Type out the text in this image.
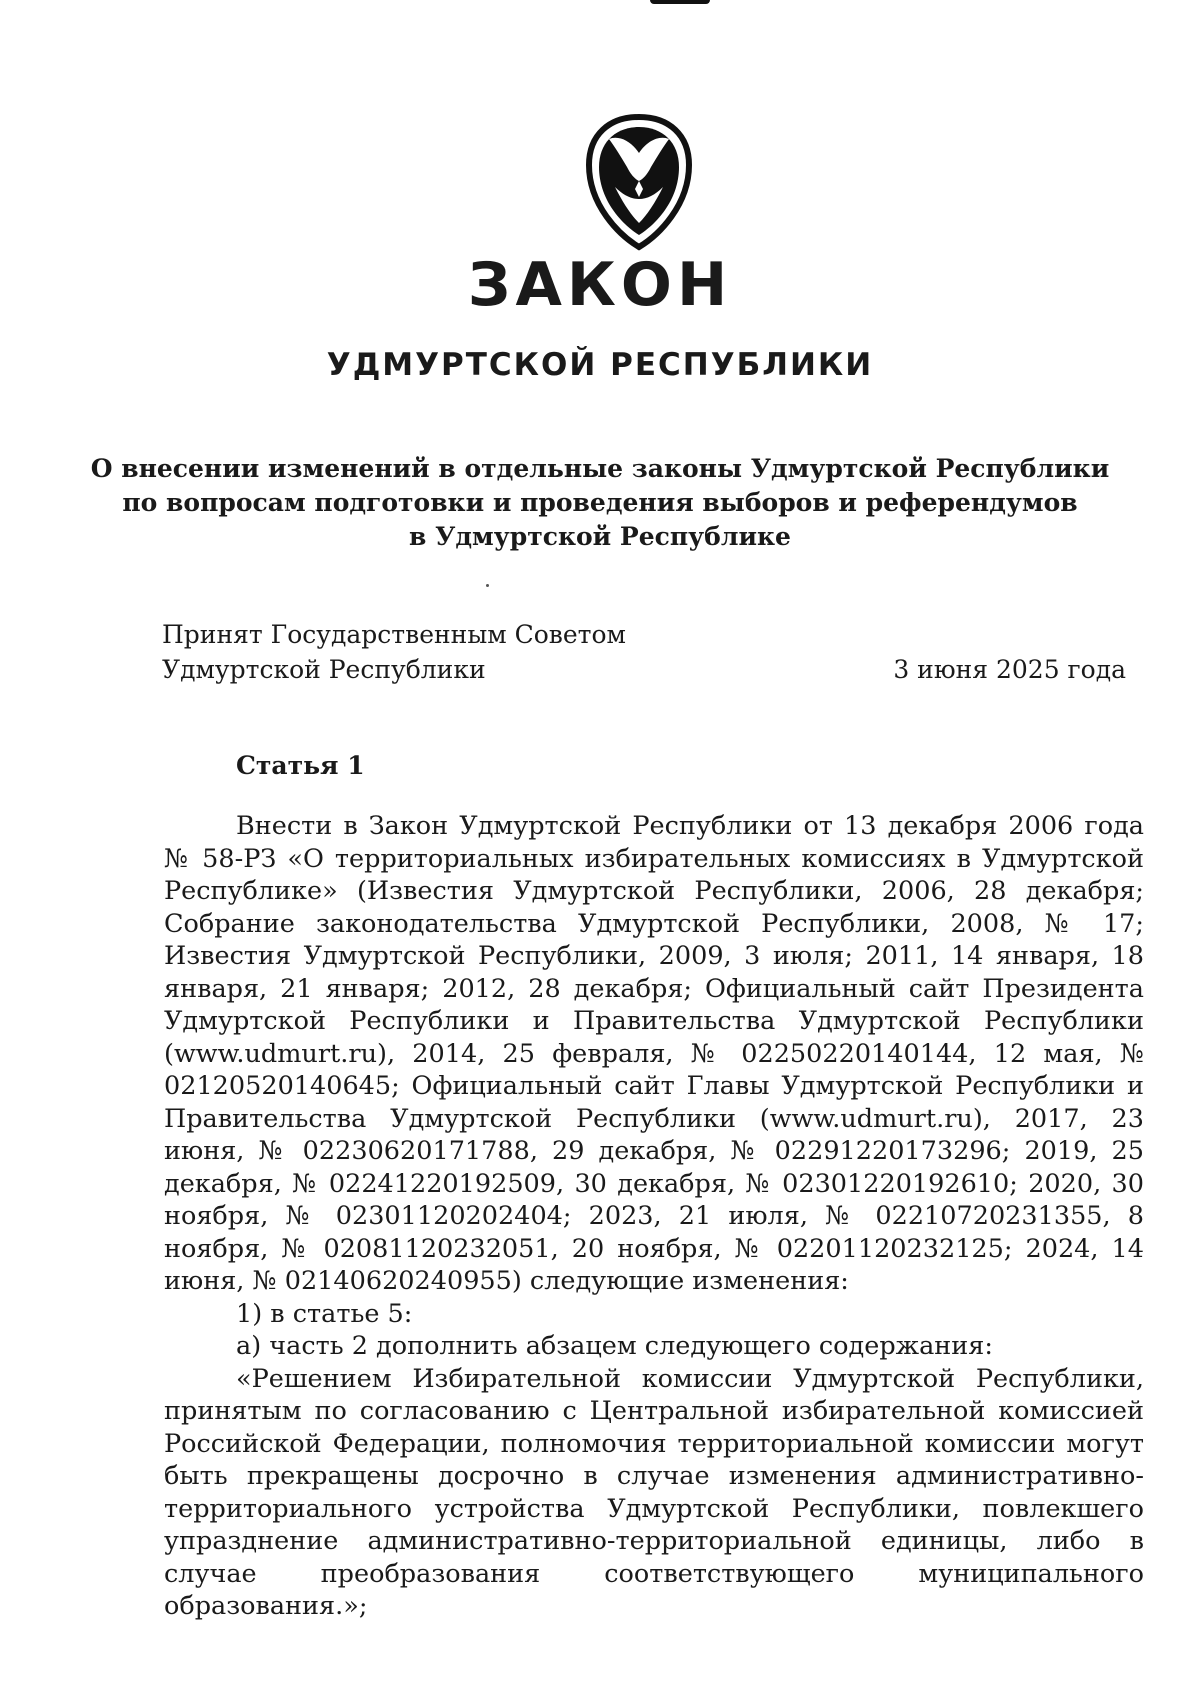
ЗАКОН
УДМУРТСКОЙ РЕСПУБЛИКИ
О внесении изменений в отдельные законы Удмуртской Республики
по вопросам подготовки и проведения выборов и референдумов
в Удмуртской Республике
Принят Государственным Советом
Удмуртской Республики	3 июня 2025 года
Статья 1
Внести в Закон Удмуртской Республики от 13 декабря 2006 года № 58-РЗ «О территориальных избирательных комиссиях в Удмуртской Республике» (Известия Удмуртской Республики, 2006, 28 декабря; Собрание законодательства Удмуртской Республики, 2008, № 17; Известия Удмуртской Республики, 2009, 3 июля; 2011, 14 января, 18 января, 21 января; 2012, 28 декабря; Официальный сайт Президента Удмуртской Республики и Правительства Удмуртской Республики (www.udmurt.ru), 2014, 25 февраля, № 02250220140144, 12 мая, № 02120520140645; Официальный сайт Главы Удмуртской Республики и Правительства Удмуртской Республики (www.udmurt.ru), 2017, 23 июня, № 02230620171788, 29 декабря, № 02291220173296; 2019, 25 декабря, № 02241220192509, 30 декабря, № 02301220192610; 2020, 30 ноября, № 02301120202404; 2023, 21 июля, № 02210720231355, 8 ноября, № 02081120232051, 20 ноября, № 02201120232125; 2024, 14 июня, № 02140620240955) следующие изменения:
1) в статье 5:
а) часть 2 дополнить абзацем следующего содержания:
«Решением Избирательной комиссии Удмуртской Республики, принятым по согласованию с Центральной избирательной комиссией Российской Федерации, полномочия территориальной комиссии могут быть прекращены досрочно в случае изменения административно-территориального устройства Удмуртской Республики, повлекшего упразднение административно-территориальной единицы, либо в случае преобразования соответствующего муниципального образования.»;
